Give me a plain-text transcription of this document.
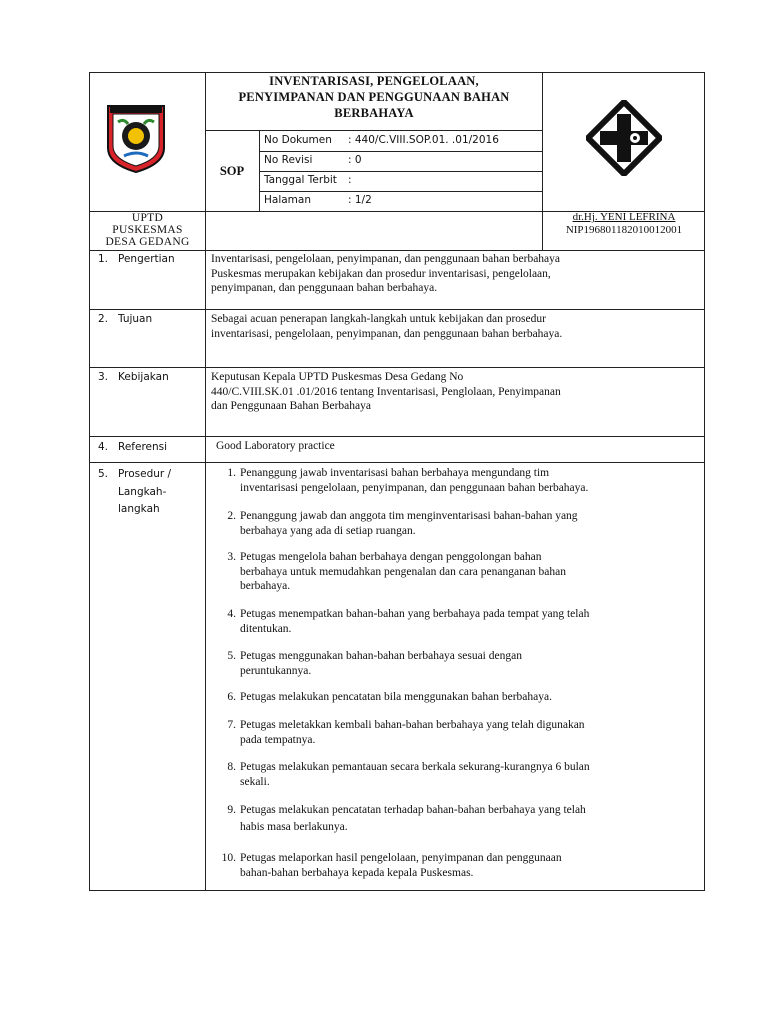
KOTA SUNGAI PENUH
INVENTARISASI, PENGELOLAAN,
PENYIMPANAN DAN PENGGUNAAN BAHAN
BERBAHAYA
SOP
No Dokumen : 440/C.VIII.SOP.01. .01/2016
No Revisi	: 0
Tanggal Terbit :
Halaman	: 1/2
UPTD
PUSKESMAS
DESA GEDANG
dr.Hj. YENI LEFRINA
NIP196801182010012001
1. Pengertian	Inventarisasi, pengelolaan, penyimpanan, dan penggunaan bahan berbahaya
Puskesmas merupakan kebijakan dan prosedur inventarisasi, pengelolaan,
penyimpanan, dan penggunaan bahan berbahaya.
2. Tujuan	Sebagai acuan penerapan langkah-langkah untuk kebijakan dan prosedur
inventarisasi, pengelolaan, penyimpanan, dan penggunaan bahan berbahaya.
3. Kebijakan	Keputusan Kepala UPTD Puskesmas Desa Gedang No
440/C.VIII.SK.01 .01/2016 tentang Inventarisasi, Penglolaan, Penyimpanan
dan Penggunaan Bahan Berbahaya
4. Referensi	Good Laboratory practice
5. Prosedur /
Langkah-
langkah
1. Penanggung jawab inventarisasi bahan berbahaya mengundang tim
inventarisasi pengelolaan, penyimpanan, dan penggunaan bahan berbahaya.
2. Penanggung jawab dan anggota tim menginventarisasi bahan-bahan yang
berbahaya yang ada di setiap ruangan.
3. Petugas mengelola bahan berbahaya dengan penggolongan bahan
berbahaya untuk memudahkan pengenalan dan cara penanganan bahan
berbahaya.
4. Petugas menempatkan bahan-bahan yang berbahaya pada tempat yang telah
ditentukan.
5. Petugas menggunakan bahan-bahan berbahaya sesuai dengan
peruntukannya.
6. Petugas melakukan pencatatan bila menggunakan bahan berbahaya.
7. Petugas meletakkan kembali bahan-bahan berbahaya yang telah digunakan
pada tempatnya.
8. Petugas melakukan pemantauan secara berkala sekurang-kurangnya 6 bulan
sekali.
9. Petugas melakukan pencatatan terhadap bahan-bahan berbahaya yang telah
habis masa berlakunya.
10. Petugas melaporkan hasil pengelolaan, penyimpanan dan penggunaan
bahan-bahan berbahaya kepada kepala Puskesmas.
